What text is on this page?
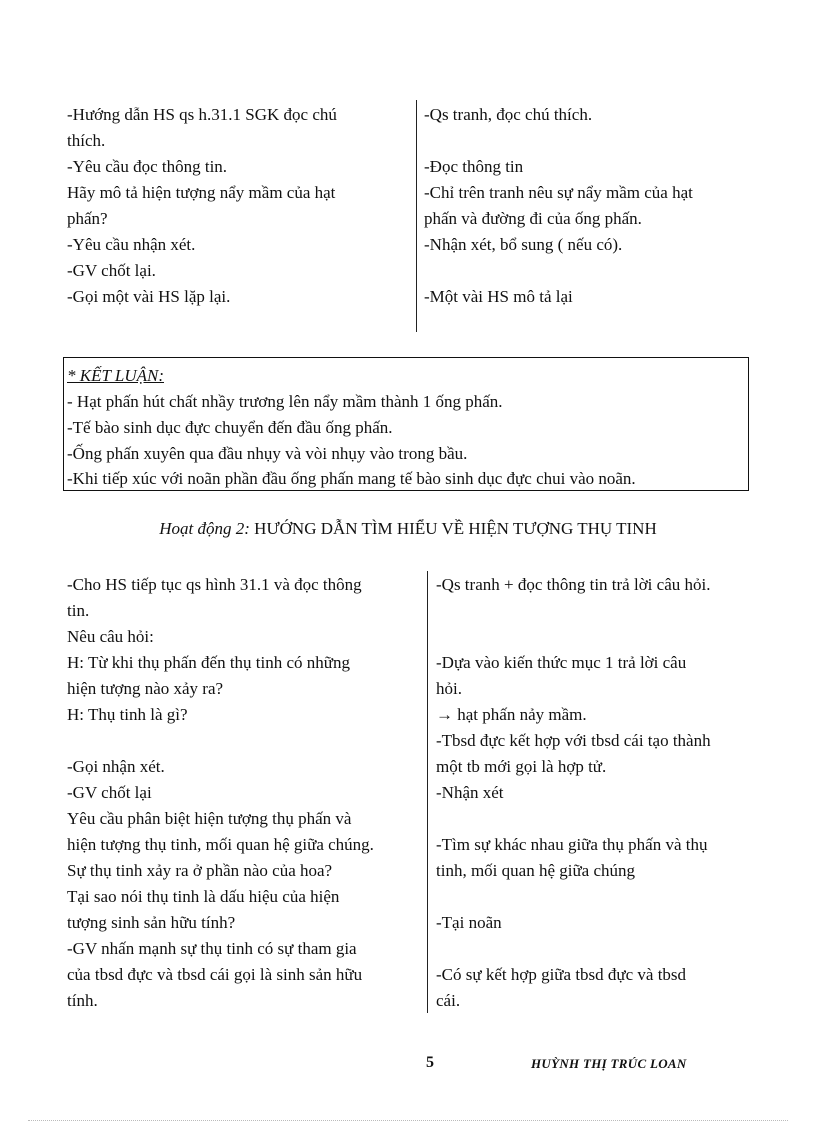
-Hướng dẫn HS qs h.31.1 SGK đọc chú
thích.
-Yêu cầu đọc thông tin.
Hãy mô tả hiện tượng nẩy mầm của hạt
phấn?
-Yêu cầu nhận xét.
-GV chốt lại.
-Gọi một vài HS lặp lại.
-Qs tranh, đọc chú thích.
-Đọc thông tin
-Chỉ trên tranh nêu sự nẩy mầm của hạt
phấn và đường đi của ống phấn.
-Nhận xét, bổ sung ( nếu có).
-Một vài HS mô tả lại
* KẾT LUẬN:
- Hạt phấn hút chất nhầy trương lên nẩy mầm thành 1 ống phấn.
-Tế bào sinh dục đực chuyển đến đầu ống phấn.
-Ống phấn xuyên qua đầu nhụy và vòi nhụy vào trong bầu.
-Khi tiếp xúc với noãn phần đầu ống phấn mang tế bào sinh dục đực chui vào noãn.
Hoạt động 2: HƯỚNG DẪN TÌM HIỂU VỀ HIỆN TƯỢNG THỤ TINH
-Cho HS tiếp tục qs hình 31.1 và đọc thông
tin.
Nêu câu hỏi:
H: Từ khi thụ phấn đến thụ tinh có những
hiện tượng nào xảy ra?
H: Thụ tinh là gì?
-Gọi nhận xét.
-GV chốt lại
Yêu cầu phân biệt hiện tượng thụ phấn và
hiện tượng thụ tinh, mối quan hệ giữa chúng.
Sự thụ tinh xảy ra ở phần nào của hoa?
Tại sao nói thụ tinh là dấu hiệu của hiện
tượng sinh sản hữu tính?
-GV nhấn mạnh sự thụ tinh có sự tham gia
của tbsd đực và tbsd cái gọi là sinh sản hữu
tính.
-Qs tranh + đọc thông tin trả lời câu hỏi.
-Dựa vào kiến thức mục 1 trả lời câu
hỏi.
→ hạt phấn nảy mầm.
-Tbsd đực kết hợp với tbsd cái tạo thành
một tb mới gọi là hợp tử.
-Nhận xét
-Tìm sự khác nhau giữa thụ phấn và thụ
tinh, mối quan hệ giữa chúng
-Tại noãn
-Có sự kết hợp giữa tbsd đực và tbsd
cái.
5	HUỲNH THỊ TRÚC LOAN
